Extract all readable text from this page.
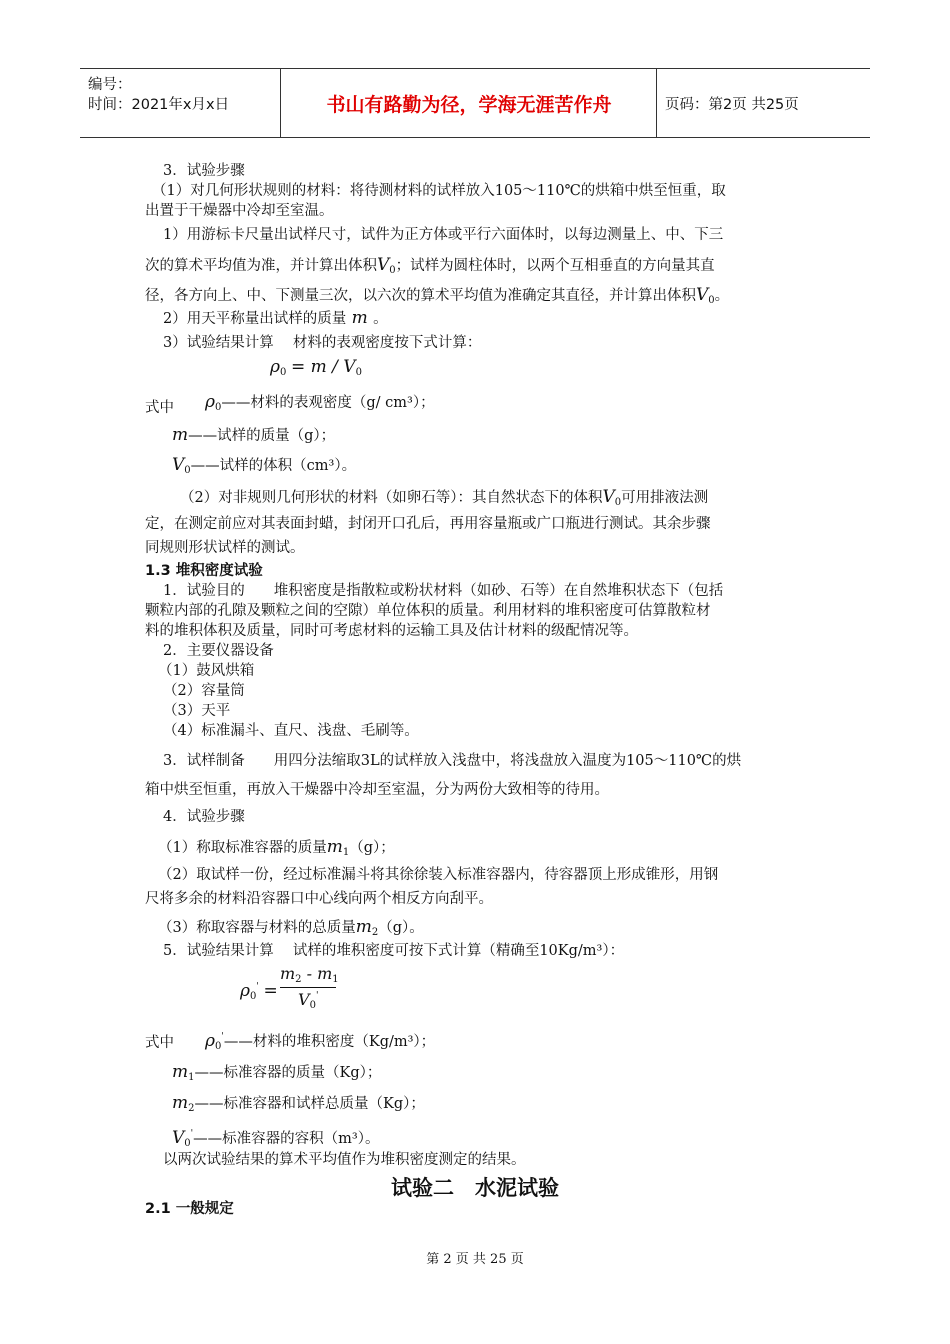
编号：
时间：2021年x月x日	书山有路勤为径，学海无涯苦作舟	页码：第2页 共25页
3．试验步骤
（1）对几何形状规则的材料：将待测材料的试样放入105～110℃的烘箱中烘至恒重，取
出置于干燥器中冷却至室温。
1）用游标卡尺量出试样尺寸，试件为正方体或平行六面体时，以每边测量上、中、下三
次的算术平均值为准，并计算出体积$V_0$；试样为圆柱体时，以两个互相垂直的方向量其直
径，各方向上、中、下测量三次，以六次的算术平均值为准确定其直径，并计算出体积$V_0$。
2）用天平称量出试样的质量 m 。
3）试验结果计算　 材料的表观密度按下式计算：
$\rho_0 = m / V_0$
式中 $\rho_0——$材料的表观密度（g/ cm³）；
m——试样的质量（g）；
$V_0——$试样的体积（cm³）。
（2）对非规则几何形状的材料（如卵石等）：其自然状态下的体积$V_0$可用排液法测
定，在测定前应对其表面封蜡，封闭开口孔后，再用容量瓶或广口瓶进行测试。其余步骤
同规则形状试样的测试。
1.3 堆积密度试验
1．试验目的　　堆积密度是指散粒或粉状材料（如砂、石等）在自然堆积状态下（包括
颗粒内部的孔隙及颗粒之间的空隙）单位体积的质量。利用材料的堆积密度可估算散粒材
料的堆积体积及质量，同时可考虑材料的运输工具及估计材料的级配情况等。
2．主要仪器设备
（1）鼓风烘箱
（2）容量筒
（3）天平
（4）标准漏斗、直尺、浅盘、毛刷等。
3．试样制备　　用四分法缩取3L的试样放入浅盘中，将浅盘放入温度为105～110℃的烘
箱中烘至恒重，再放入干燥器中冷却至室温，分为两份大致相等的待用。
4．试验步骤
（1）称取标准容器的质量$m_1(g)$；
（2）取试样一份，经过标准漏斗将其徐徐装入标准容器内，待容器顶上形成锥形，用钢
尺将多余的材料沿容器口中心线向两个相反方向刮平。
（3）称取容器与材料的总质量$m_2(g)$。
5．试验结果计算　 试样的堆积密度可按下式计算（精确至10Kg/m³）：
$\rho_0'$ =
$m_2 - m_1$
$V_0'$
式中 $\rho_0'——$材料的堆积密度（Kg/m³）；
$m_1——$标准容器的质量（Kg）；
$m_2——$标准容器和试样总质量（Kg）；
$V_0'——$标准容器的容积（m³）。
以两次试验结果的算术平均值作为堆积密度测定的结果。
试验二　水泥试验
2.1 一般规定
第 2 页 共 25 页
